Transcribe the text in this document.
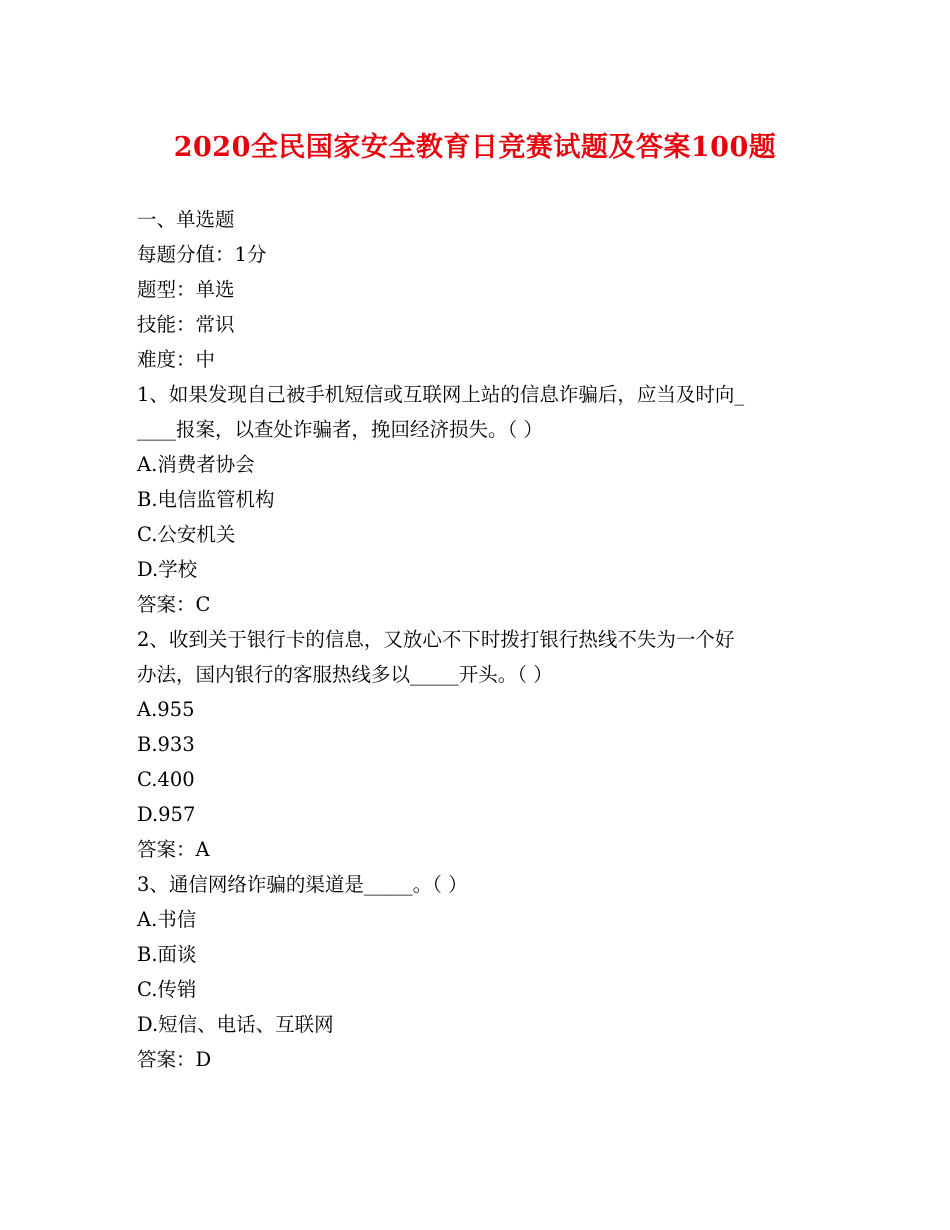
2020全民国家安全教育日竞赛试题及答案100题
一、单选题
每题分值：1分
题型：单选
技能：常识
难度：中
1、如果发现自己被手机短信或互联网上站的信息诈骗后，应当及时向_
____报案，以查处诈骗者，挽回经济损失。（ ）
A.消费者协会
B.电信监管机构
C.公安机关
D.学校
答案：C
2、收到关于银行卡的信息，又放心不下时拨打银行热线不失为一个好
办法，国内银行的客服热线多以_____开头。（ ）
A.955
B.933
C.400
D.957
答案：A
3、通信网络诈骗的渠道是_____。（ ）
A.书信
B.面谈
C.传销
D.短信、电话、互联网
答案：D
